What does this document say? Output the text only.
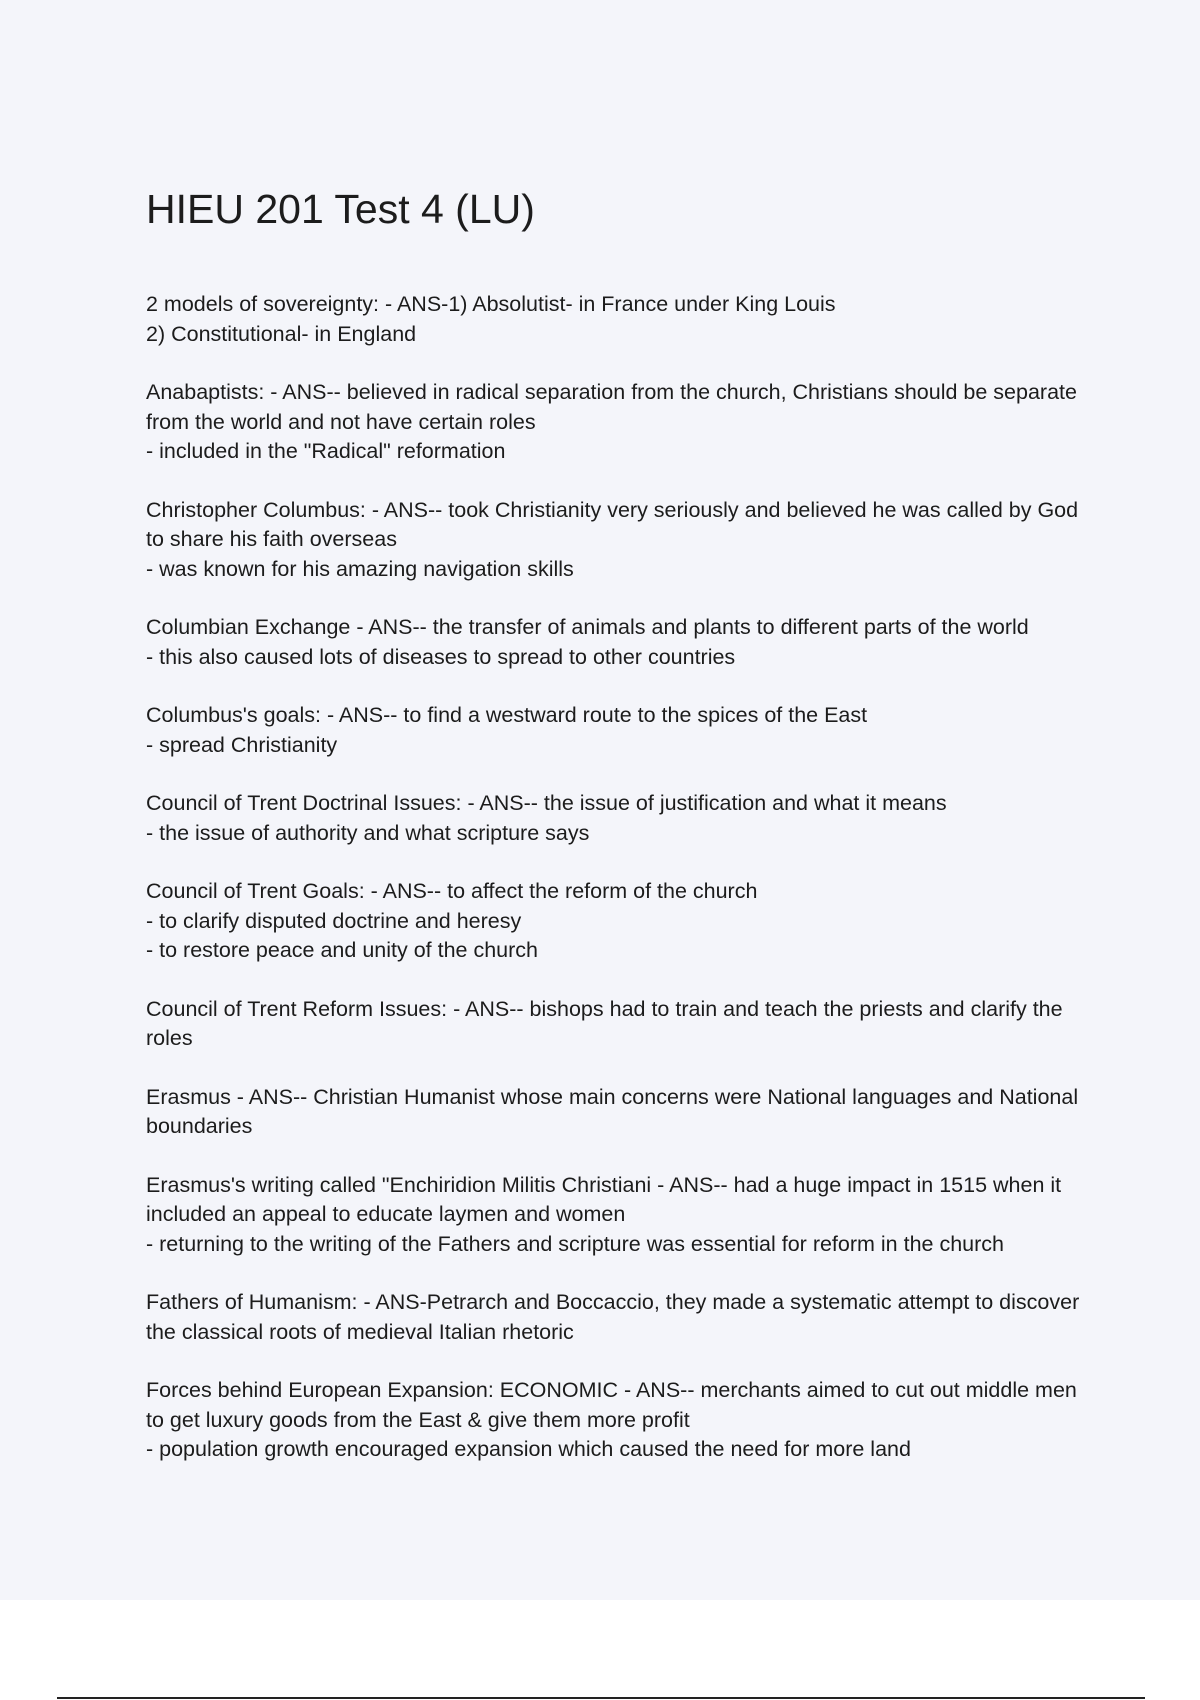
HIEU 201 Test 4 (LU)

2 models of sovereignty: - ANS-1) Absolutist- in France under King Louis
2) Constitutional- in England

Anabaptists: - ANS-- believed in radical separation from the church, Christians should be separate from the world and not have certain roles
- included in the "Radical" reformation

Christopher Columbus: - ANS-- took Christianity very seriously and believed he was called by God to share his faith overseas
- was known for his amazing navigation skills

Columbian Exchange - ANS-- the transfer of animals and plants to different parts of the world
- this also caused lots of diseases to spread to other countries

Columbus's goals: - ANS-- to find a westward route to the spices of the East
- spread Christianity

Council of Trent Doctrinal Issues: - ANS-- the issue of justification and what it means
- the issue of authority and what scripture says

Council of Trent Goals: - ANS-- to affect the reform of the church
- to clarify disputed doctrine and heresy
- to restore peace and unity of the church

Council of Trent Reform Issues: - ANS-- bishops had to train and teach the priests and clarify the roles

Erasmus - ANS-- Christian Humanist whose main concerns were National languages and National boundaries

Erasmus's writing called "Enchiridion Militis Christiani - ANS-- had a huge impact in 1515 when it included an appeal to educate laymen and women
- returning to the writing of the Fathers and scripture was essential for reform in the church

Fathers of Humanism: - ANS-Petrarch and Boccaccio, they made a systematic attempt to discover the classical roots of medieval Italian rhetoric

Forces behind European Expansion: ECONOMIC - ANS-- merchants aimed to cut out middle men to get luxury goods from the East & give them more profit
- population growth encouraged expansion which caused the need for more land
